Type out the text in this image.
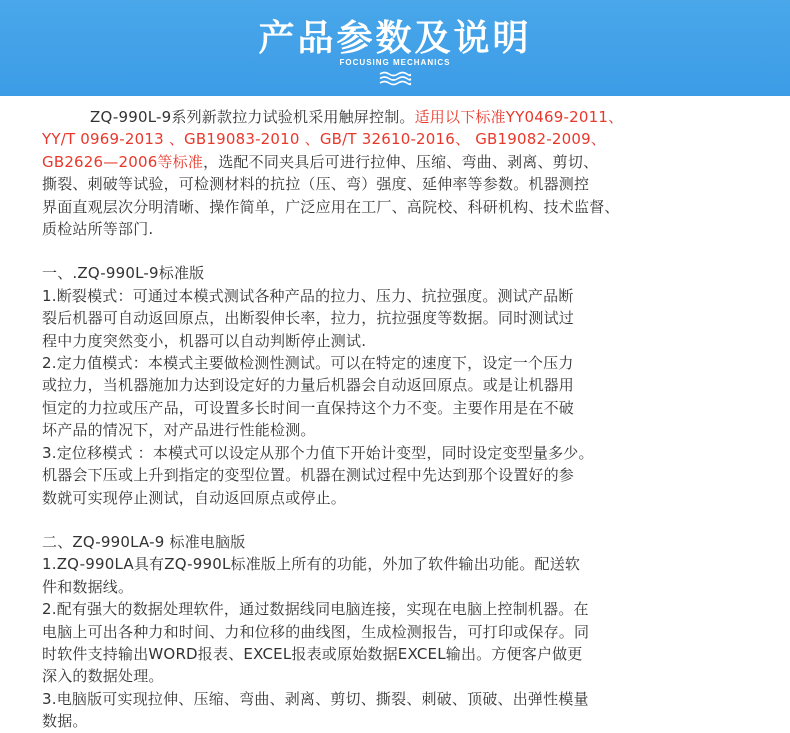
产品参数及说明
FOCUSING MECHANICS
ZQ-990L-9系列新款拉力试验机采用触屏控制。适用以下标准YY0469-2011、
YY/T 0969-2013 、GB19083-2010 、GB/T 32610-2016、 GB19082-2009、
GB2626—2006等标准，选配不同夹具后可进行拉伸、压缩、弯曲、剥离、剪切、
撕裂、刺破等试验，可检测材料的抗拉（压、弯）强度、延伸率等参数。机器测控
界面直观层次分明清晰、操作简单，广泛应用在工厂、高院校、科研机构、技术监督、
质检站所等部门.
一、.ZQ-990L-9标准版
1.断裂模式：可通过本模式测试各种产品的拉力、压力、抗拉强度。测试产品断
裂后机器可自动返回原点，出断裂伸长率，拉力，抗拉强度等数据。同时测试过
程中力度突然变小，机器可以自动判断停止测试.
2.定力值模式：本模式主要做检测性测试。可以在特定的速度下，设定一个压力
或拉力，当机器施加力达到设定好的力量后机器会自动返回原点。或是让机器用
恒定的力拉或压产品，可设置多长时间一直保持这个力不变。主要作用是在不破
坏产品的情况下，对产品进行性能检测。
3.定位移模式 ：本模式可以设定从那个力值下开始计变型，同时设定变型量多少。
机器会下压或上升到指定的变型位置。机器在测试过程中先达到那个设置好的参
数就可实现停止测试，自动返回原点或停止。
二、ZQ-990LA-9 标准电脑版
1.ZQ-990LA具有ZQ-990L标准版上所有的功能，外加了软件输出功能。配送软
件和数据线。
2.配有强大的数据处理软件，通过数据线同电脑连接，实现在电脑上控制机器。在
电脑上可出各种力和时间、力和位移的曲线图，生成检测报告，可打印或保存。同
时软件支持输出WORD报表、EXCEL报表或原始数据EXCEL输出。方便客户做更
深入的数据处理。
3.电脑版可实现拉伸、压缩、弯曲、剥离、剪切、撕裂、刺破、顶破、出弹性模量
数据。
